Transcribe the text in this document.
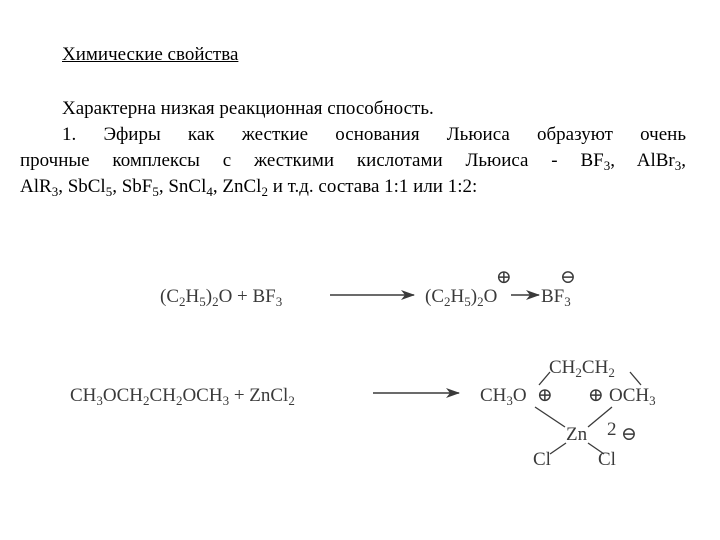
Химические свойства
Характерна низкая реакционная способность.
1. Эфиры как жесткие основания Льюиса образуют очень
прочные комплексы с жесткими кислотами Льюиса - $BF_3$, AlBr$_3$,
AlR$_3$, SbCl$_5$, SbF$_5$, SnCl$_4$, ZnCl$_2$ и т.д. состава 1:1 или 1:2:
$(C_2H_5)_2O + BF_3$	$(C_2H_5)_2O$ $BF_3$
⊕	⊖
$CH_3OCH_2CH_2OCH_3$ + ZnCl$_2$
$CH_2CH_2$
$CH_3O$ ⊕ ⊕ $OCH_3$
Zn 2 ⊖
Cl Cl
